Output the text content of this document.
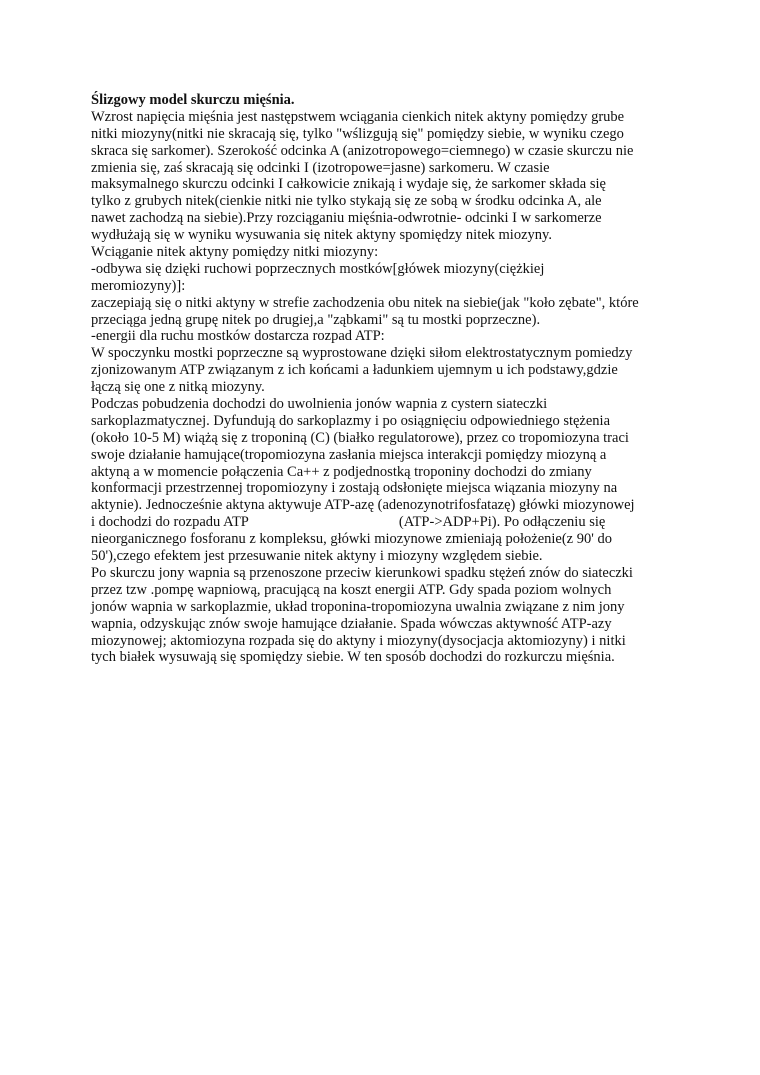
Ślizgowy model skurczu mięśnia.
Wzrost napięcia mięśnia jest następstwem wciągania cienkich nitek aktyny pomiędzy grube
nitki miozyny(nitki nie skracają się, tylko "wślizgują się" pomiędzy siebie, w wyniku czego
skraca się sarkomer). Szerokość odcinka A (anizotropowego=ciemnego) w czasie skurczu nie
zmienia się, zaś skracają się odcinki I (izotropowe=jasne) sarkomeru. W czasie
maksymalnego skurczu odcinki I całkowicie znikają i wydaje się, że sarkomer składa się
tylko z grubych nitek(cienkie nitki nie tylko stykają się ze sobą w środku odcinka A, ale
nawet zachodzą na siebie).Przy rozciąganiu mięśnia-odwrotnie- odcinki I w sarkomerze
wydłużają się w wyniku wysuwania się nitek aktyny spomiędzy nitek miozyny.
Wciąganie nitek aktyny pomiędzy nitki miozyny:
-odbywa się dzięki ruchowi poprzecznych mostków[główek miozyny(ciężkiej
meromiozyny)]:
zaczepiają się o nitki aktyny w strefie zachodzenia obu nitek na siebie(jak "koło zębate", które
przeciąga jedną grupę nitek po drugiej,a "ząbkami" są tu mostki poprzeczne).
-energii dla ruchu mostków dostarcza rozpad ATP:
W spoczynku mostki poprzeczne są wyprostowane dzięki siłom elektrostatycznym pomiedzy
zjonizowanym ATP związanym z ich końcami a ładunkiem ujemnym u ich podstawy,gdzie
łączą się one z nitką miozyny.
Podczas pobudzenia dochodzi do uwolnienia jonów wapnia z cystern siateczki
sarkoplazmatycznej. Dyfundują do sarkoplazmy i po osiągnięciu odpowiedniego stężenia
(około 10-5 M) wiążą się z troponiną (C) (białko regulatorowe), przez co tropomiozyna traci
swoje działanie hamujące(tropomiozyna zasłania miejsca interakcji pomiędzy miozyną a
aktyną a w momencie połączenia Ca++ z podjednostką troponiny dochodzi do zmiany
konformacji przestrzennej tropomiozyny i zostają odsłonięte miejsca wiązania miozyny na
aktynie). Jednocześnie aktyna aktywuje ATP-azę (adenozynotrifosfatazę) główki miozynowej
i dochodzi do rozpadu ATP	(ATP->ADP+Pi). Po odłączeniu się
nieorganicznego fosforanu z kompleksu, główki miozynowe zmieniają położenie(z 90' do
50'),czego efektem jest przesuwanie nitek aktyny i miozyny względem siebie.
Po skurczu jony wapnia są przenoszone przeciw kierunkowi spadku stężeń znów do siateczki
przez tzw .pompę wapniową, pracującą na koszt energii ATP. Gdy spada poziom wolnych
jonów wapnia w sarkoplazmie, układ troponina-tropomiozyna uwalnia związane z nim jony
wapnia, odzyskując znów swoje hamujące działanie. Spada wówczas aktywność ATP-azy
miozynowej; aktomiozyna rozpada się do aktyny i miozyny(dysocjacja aktomiozyny) i nitki
tych białek wysuwają się spomiędzy siebie. W ten sposób dochodzi do rozkurczu mięśnia.
